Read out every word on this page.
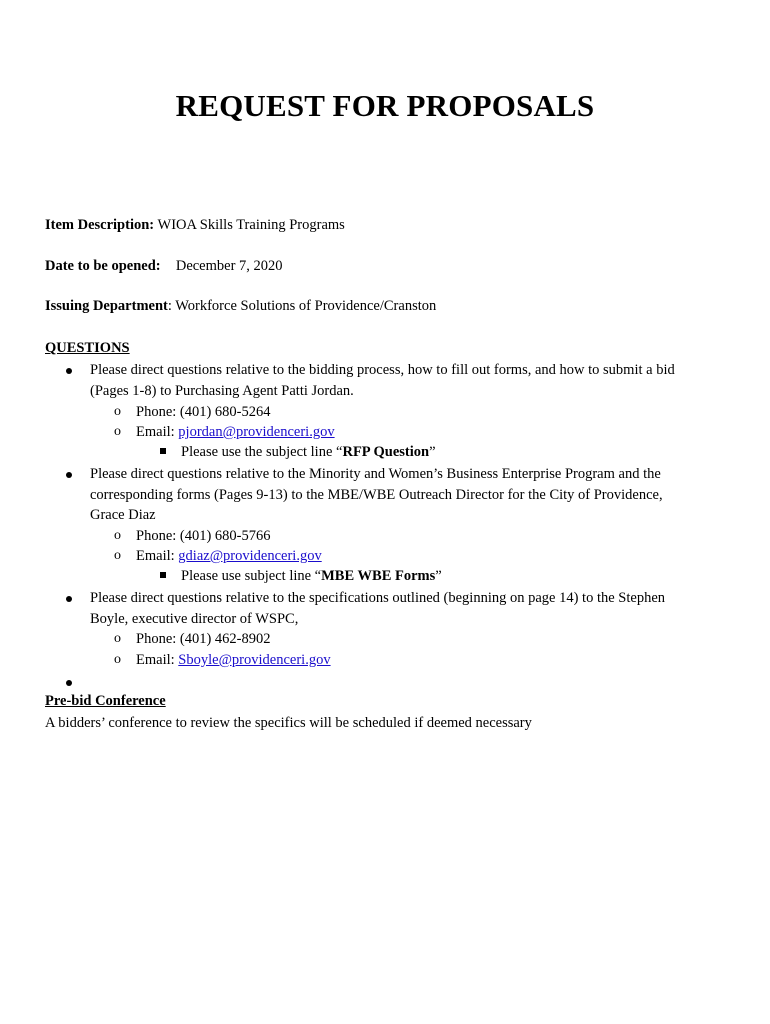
REQUEST FOR PROPOSALS
Item Description: WIOA Skills Training Programs
Date to be opened: December 7, 2020
Issuing Department: Workforce Solutions of Providence/Cranston
QUESTIONS
Please direct questions relative to the bidding process, how to fill out forms, and how to submit a bid
(Pages 1-8) to Purchasing Agent Patti Jordan.
o Phone: (401) 680-5264
o Email: pjordan@providenceri.gov
Please use the subject line “RFP Question”
Please direct questions relative to the Minority and Women’s Business Enterprise Program and the
corresponding forms (Pages 9-13) to the MBE/WBE Outreach Director for the City of Providence,
Grace Diaz
o Phone: (401) 680-5766
o Email: gdiaz@providenceri.gov
Please use subject line “MBE WBE Forms”
Please direct questions relative to the specifications outlined (beginning on page 14) to the Stephen
Boyle, executive director of WSPC,
o Phone: (401) 462-8902
o Email: Sboyle@providenceri.gov
Pre-bid Conference
A bidders’ conference to review the specifics will be scheduled if deemed necessary
